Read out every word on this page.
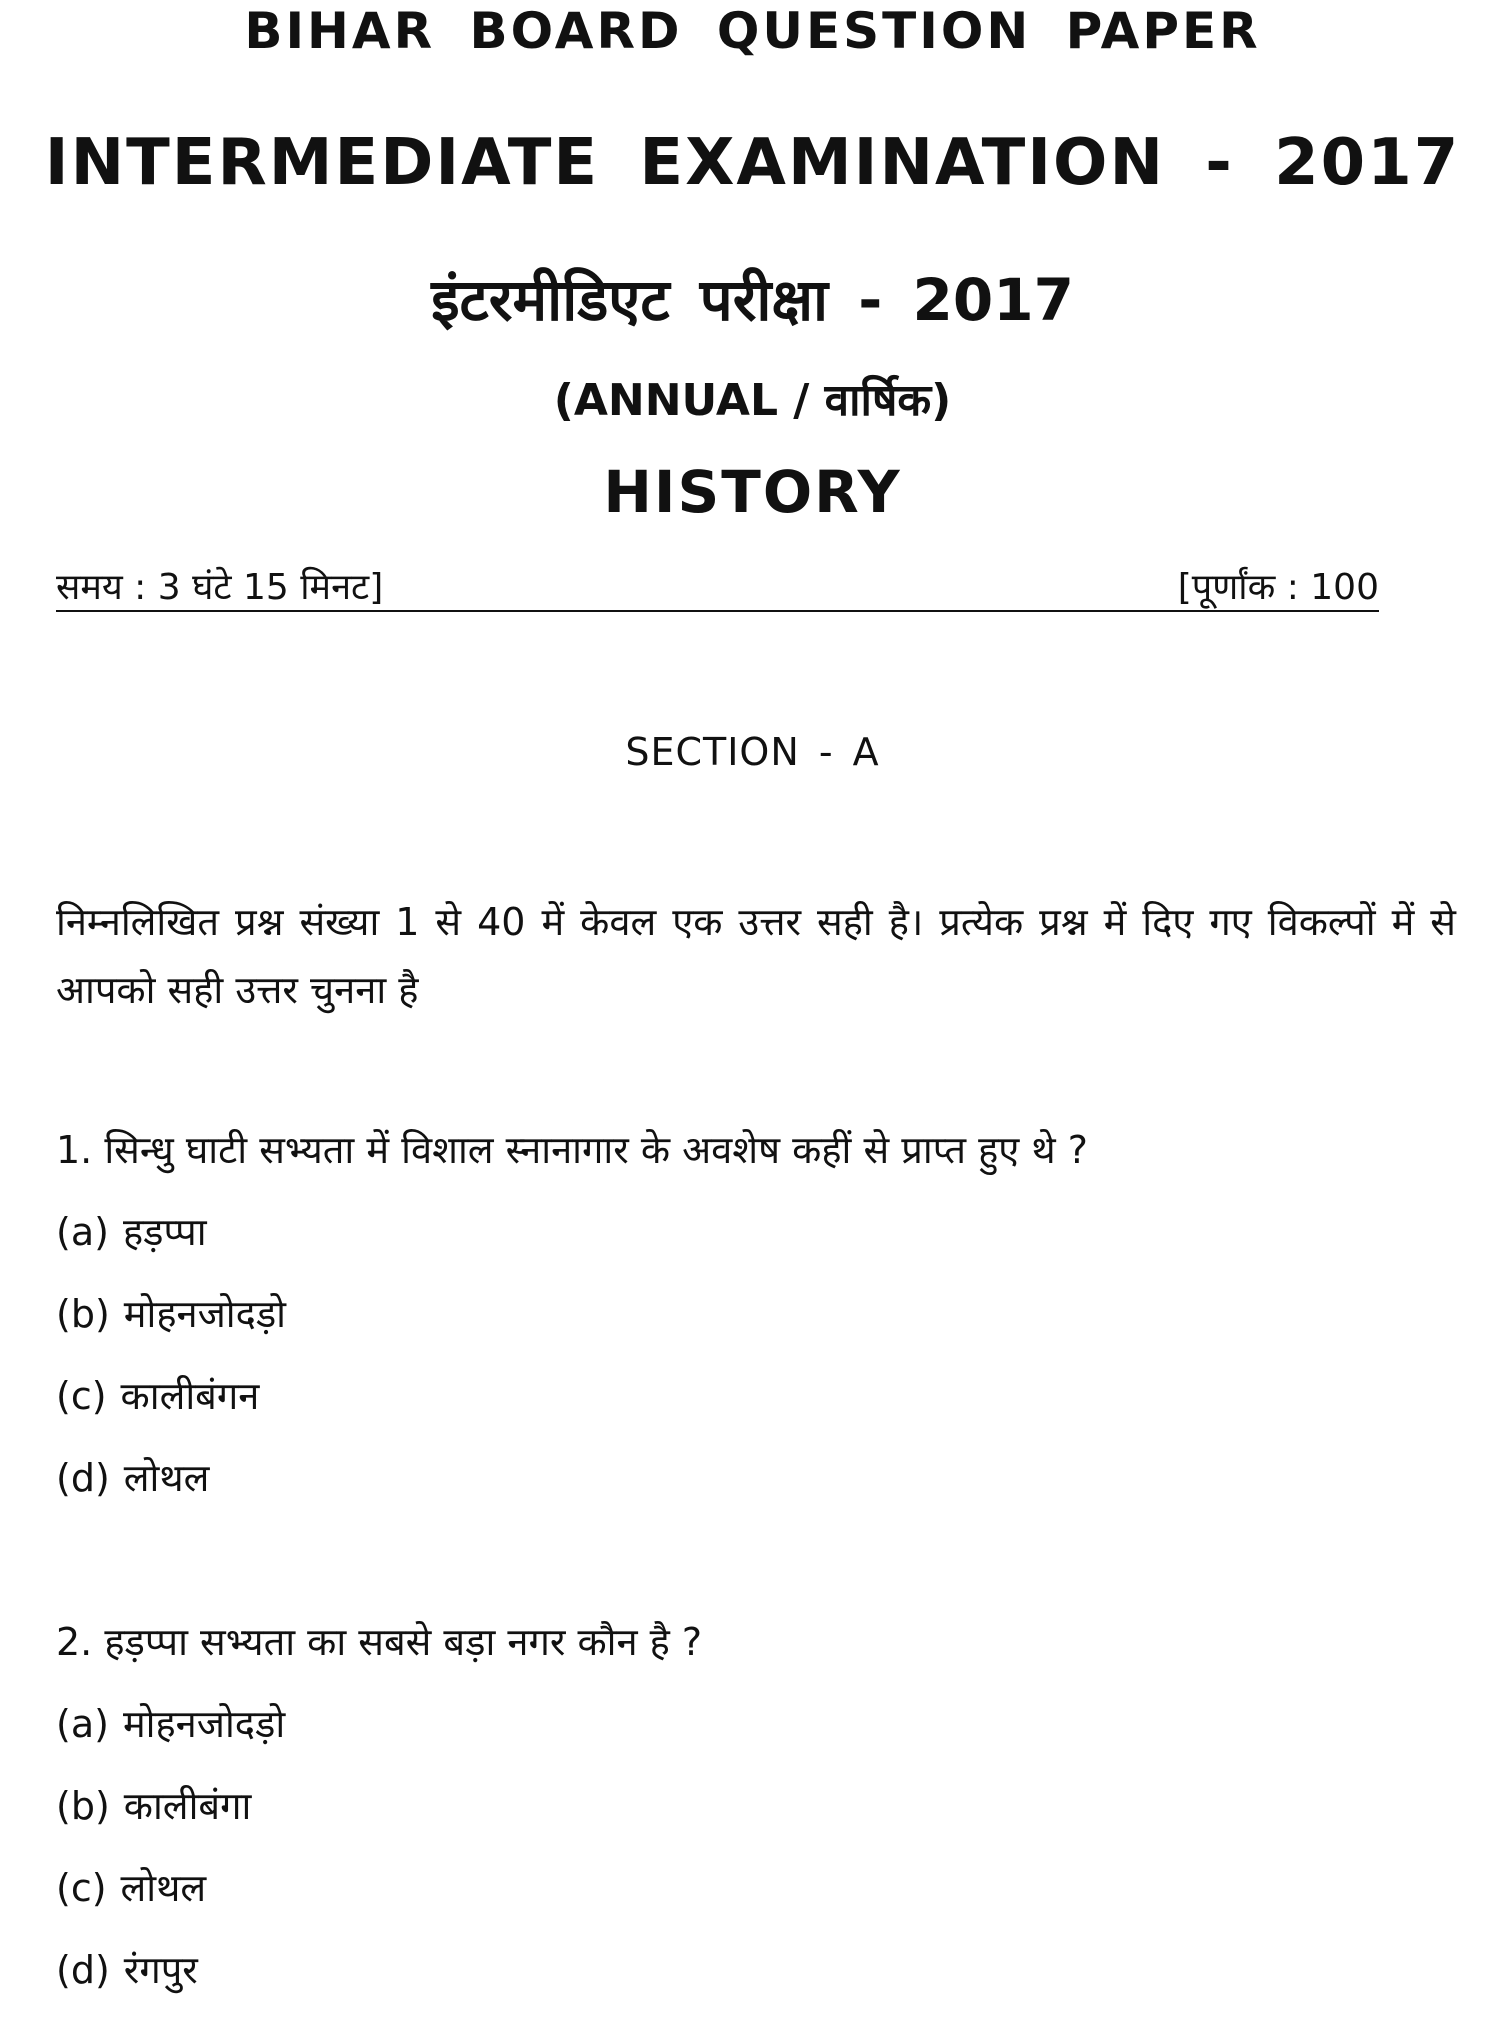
BIHAR BOARD QUESTION PAPER
INTERMEDIATE EXAMINATION - 2017
इंटरमीडिएट परीक्षा - 2017
(ANNUAL / वार्षिक)
HISTORY
समय : 3 घंटे 15 मिनट]	[पूर्णांक : 100
SECTION - A
निम्नलिखित प्रश्न संख्या 1 से 40 में केवल एक उत्तर सही है। प्रत्येक प्रश्न में दिए गए विकल्पों में से आपको सही उत्तर चुनना है
1. सिन्धु घाटी सभ्यता में विशाल स्नानागार के अवशेष कहीं से प्राप्त हुए थे ?
(a) हड़प्पा
(b) मोहनजोदड़ो
(c) कालीबंगन
(d) लोथल
2. हड़प्पा सभ्यता का सबसे बड़ा नगर कौन है ?
(a) मोहनजोदड़ो
(b) कालीबंगा
(c) लोथल
(d) रंगपुर
